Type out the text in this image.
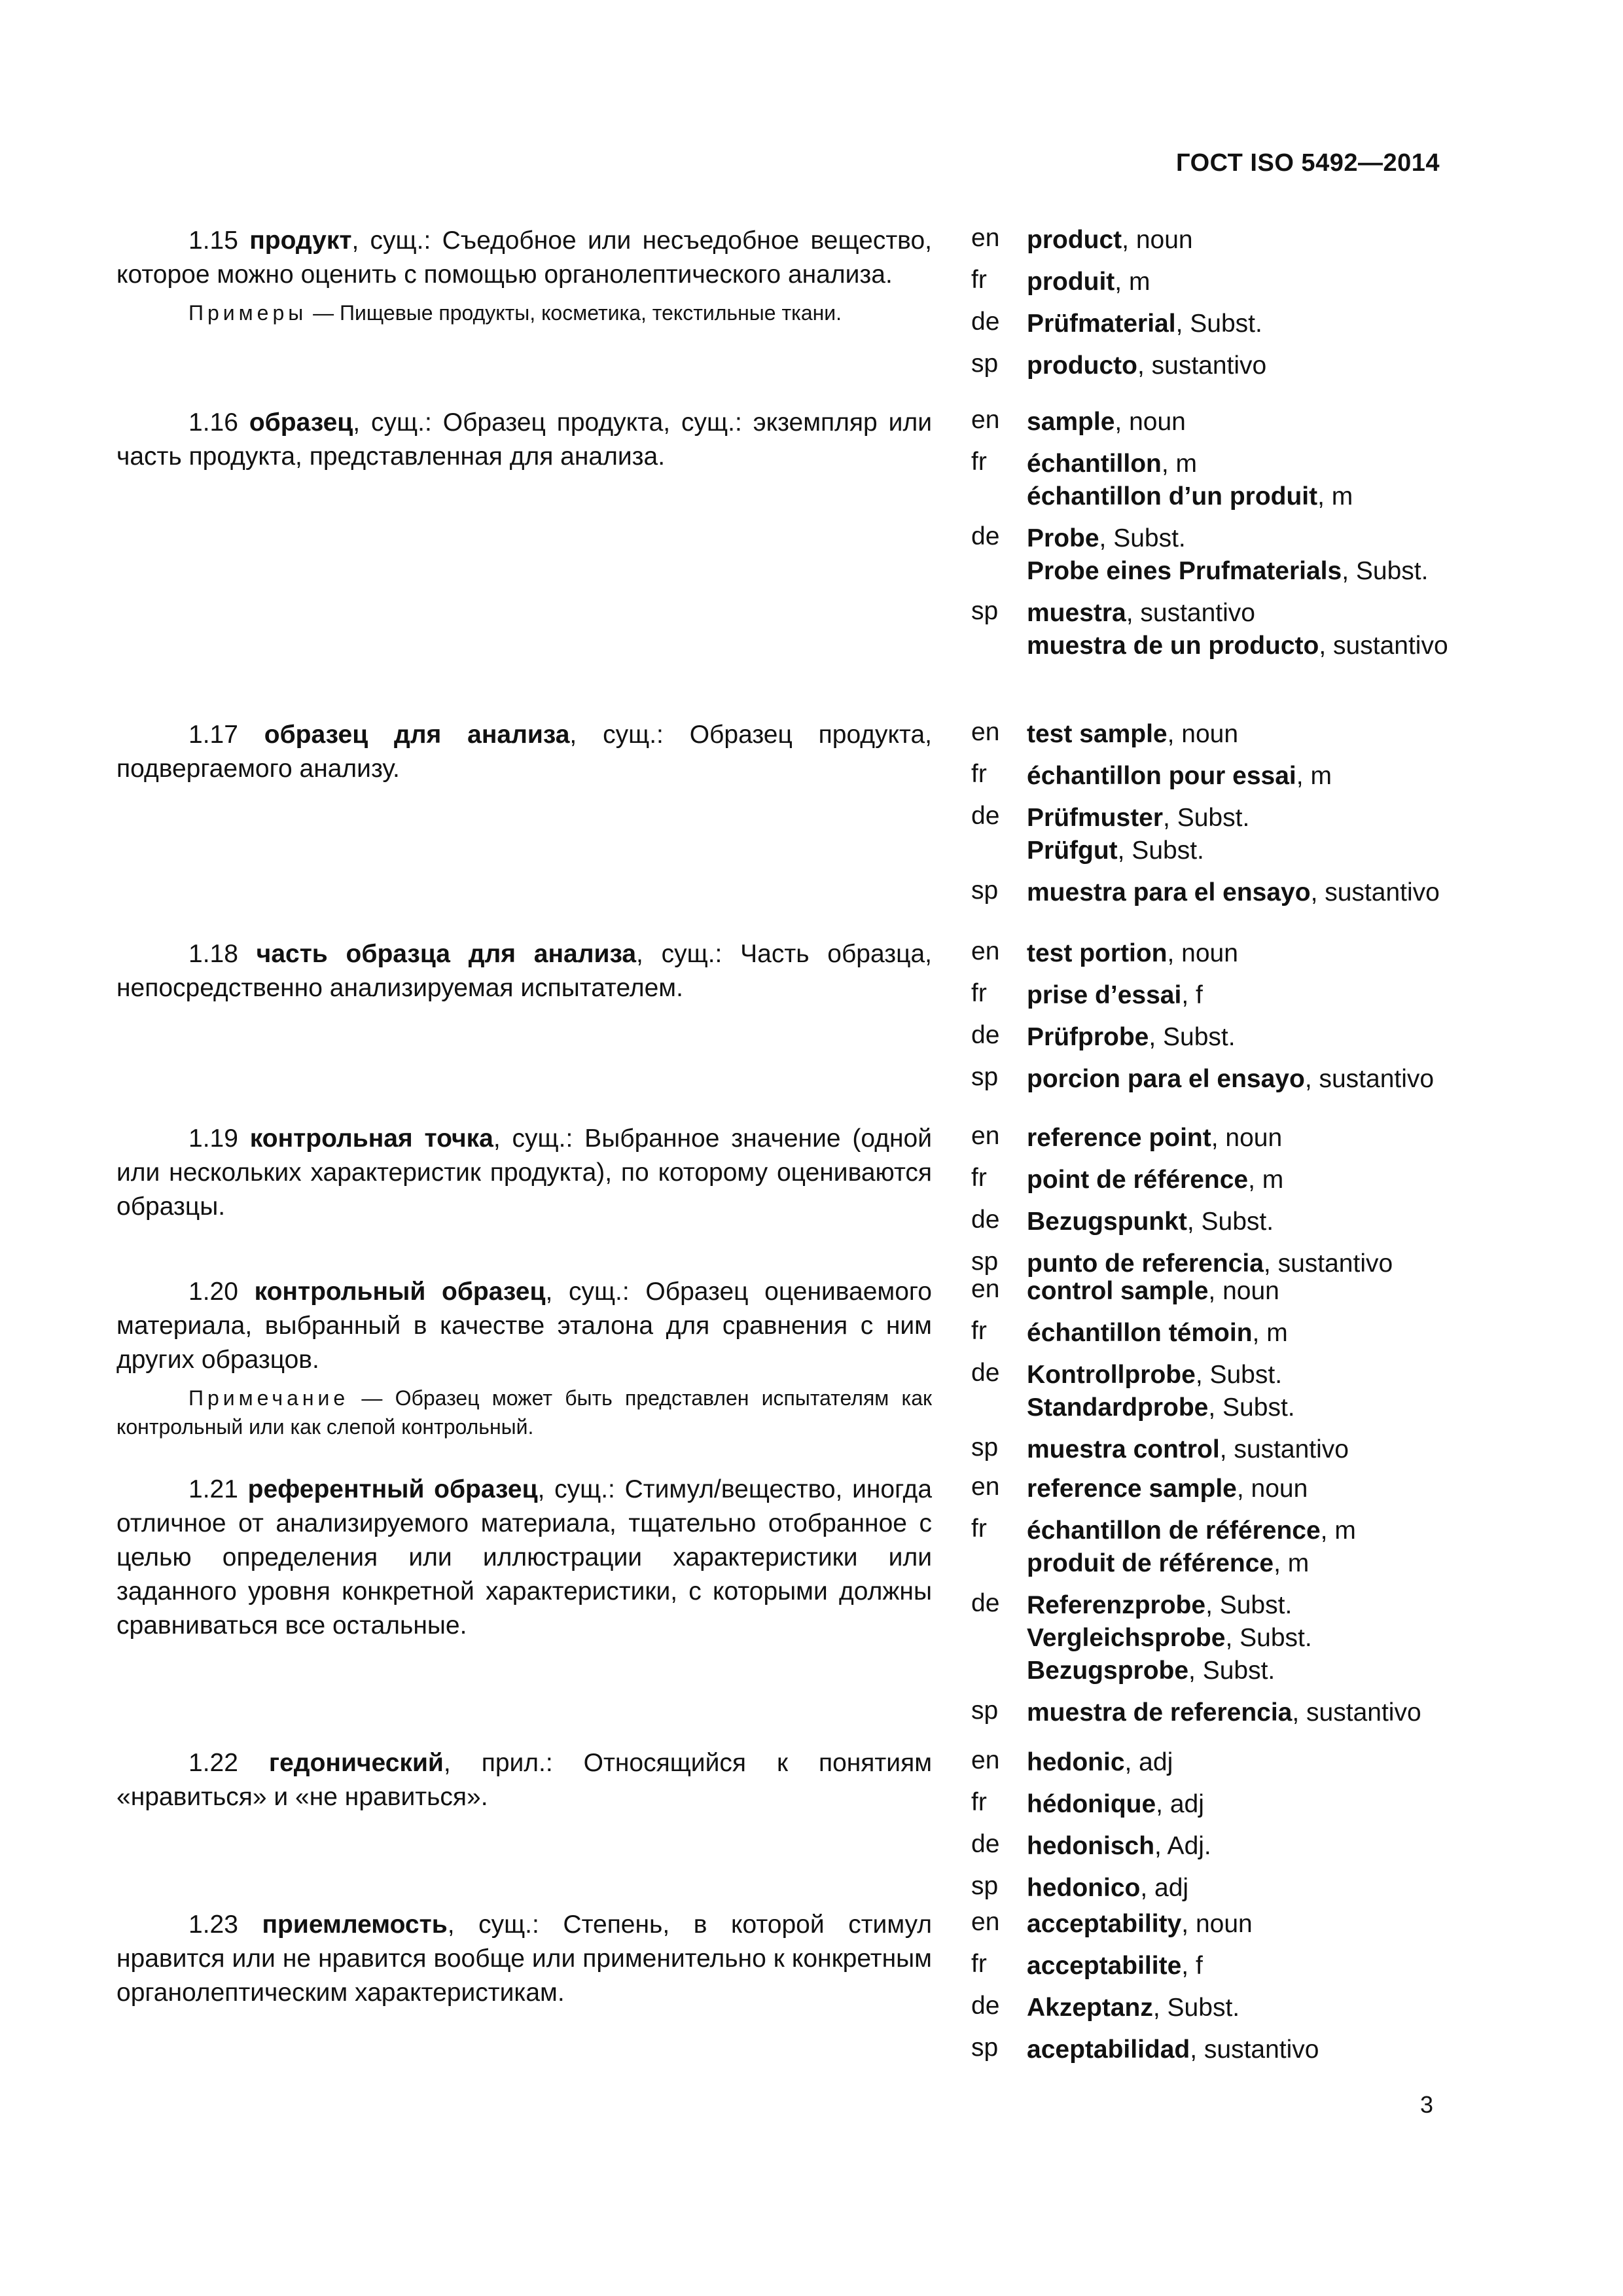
ГОСТ ISO 5492—2014

1.15 продукт, сущ.: Съедобное или несъедобное вещество, которое можно оценить с помощью органолептического анализа.

Примеры — Пищевые продукты, косметика, текстильные ткани.

en	product, noun
fr	produit, m
de	Prüfmaterial, Subst.
sp	producto, sustantivo

1.16 образец, сущ.: Образец продукта, сущ.: экземпляр или часть продукта, представленная для анализа.

en	sample, noun
fr	échantillon, m
échantillon d’un produit, m
de	Probe, Subst.
Probe eines Prufmaterials, Subst.
sp	muestra, sustantivo
muestra de un producto, sustantivo

1.17 образец для анализа, сущ.: Образец продукта, подвергаемого анализу.

en	test sample, noun
fr	échantillon pour essai, m
de	Prüfmuster, Subst.
Prüfgut, Subst.
sp	muestra para el ensayo, sustantivo

1.18 часть образца для анализа, сущ.: Часть образца, непосредственно анализируемая испытателем.

en	test portion, noun
fr	prise d’essai, f
de	Prüfprobe, Subst.
sp	porcion para el ensayo, sustantivo

1.19 контрольная точка, сущ.: Выбранное значение (одной или нескольких характеристик продукта), по которому оцениваются образцы.

en	reference point, noun
fr	point de référence, m
de	Bezugspunkt, Subst.
sp	punto de referencia, sustantivo

1.20 контрольный образец, сущ.: Образец оцениваемого материала, выбранный в качестве эталона для сравнения с ним других образцов.

Примечание — Образец может быть представлен испытателям как контрольный или как слепой контрольный.

en	control sample, noun
fr	échantillon témoin, m
de	Kontrollprobe, Subst.
Standardprobe, Subst.
sp	muestra control, sustantivo

1.21 референтный образец, сущ.: Стимул/вещество, иногда отличное от анализируемого материала, тщательно отобранное с целью определения или иллюстрации характеристики или заданного уровня конкретной характеристики, с которыми должны сравниваться все остальные.

en	reference sample, noun
fr	échantillon de référence, m
produit de référence, m
de	Referenzprobe, Subst.
Vergleichsprobe, Subst.
Bezugsprobe, Subst.
sp	muestra de referencia, sustantivo

1.22 гедонический, прил.: Относящийся к понятиям «нравиться» и «не нравиться».

en	hedonic, adj
fr	hédonique, adj
de	hedonisch, Adj.
sp	hedonico, adj

1.23 приемлемость, сущ.: Степень, в которой стимул нравится или не нравится вообще или применительно к конкретным органолептическим характеристикам.

en	acceptability, noun
fr	acceptabilite, f
de	Akzeptanz, Subst.
sp	aceptabilidad, sustantivo
3
